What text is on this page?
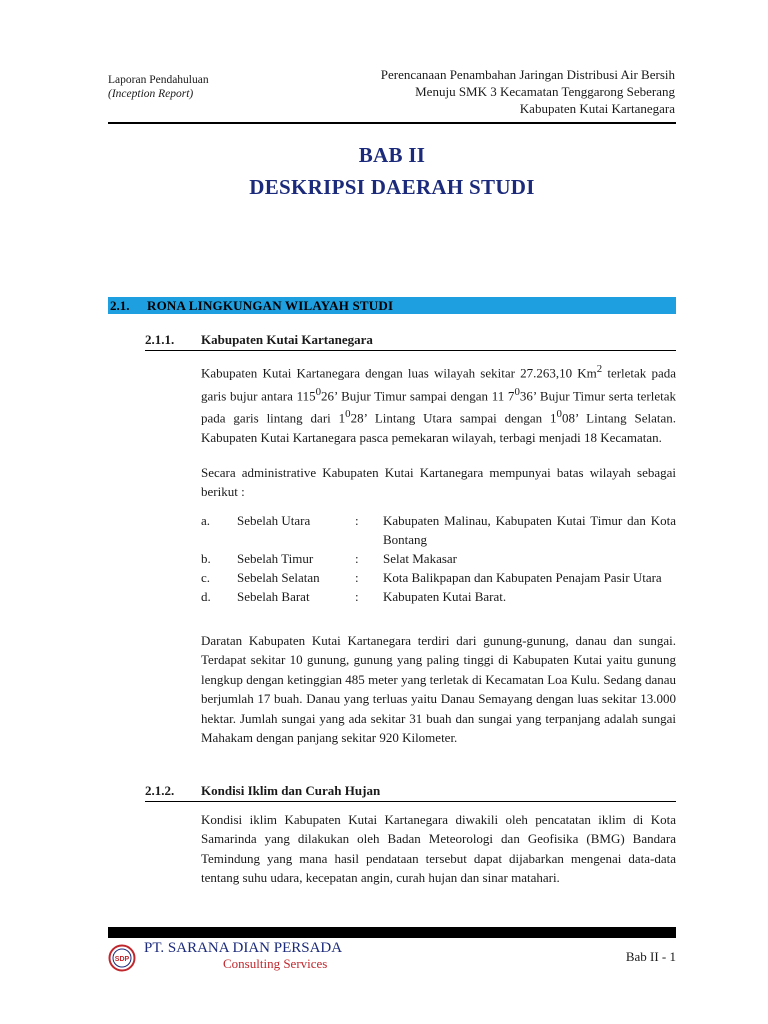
Laporan Pendahuluan
(Inception Report)
Perencanaan Penambahan Jaringan Distribusi Air Bersih
Menuju SMK 3 Kecamatan Tenggarong Seberang
Kabupaten Kutai Kartanegara
BAB II
DESKRIPSI DAERAH STUDI
2.1. RONA LINGKUNGAN WILAYAH STUDI
2.1.1. Kabupaten Kutai Kartanegara

Kabupaten Kutai Kartanegara dengan luas wilayah sekitar 27.263,10 Km$^2$ terletak pada garis bujur antara $115^026$’ Bujur Timur sampai dengan 11 $7^036$’ Bujur Timur serta terletak pada garis lintang dari $1^028$’ Lintang Utara sampai dengan $1^008$’ Lintang Selatan. Kabupaten Kutai Kartanegara pasca pemekaran wilayah, terbagi menjadi 18 Kecamatan.

Secara administrative Kabupaten Kutai Kartanegara mempunyai batas wilayah sebagai berikut :

a.	Sebelah Utara	:	Kabupaten Malinau, Kabupaten Kutai Timur dan Kota Bontang
b.	Sebelah Timur	:	Selat Makasar
c.	Sebelah Selatan	:	Kota Balikpapan dan Kabupaten Penajam Pasir Utara
d.	Sebelah Barat	:	Kabupaten Kutai Barat.

Daratan Kabupaten Kutai Kartanegara terdiri dari gunung-gunung, danau dan sungai. Terdapat sekitar 10 gunung, gunung yang paling tinggi di Kabupaten Kutai yaitu gunung lengkup dengan ketinggian 485 meter yang terletak di Kecamatan Loa Kulu. Sedang danau berjumlah 17 buah. Danau yang terluas yaitu Danau Semayang dengan luas sekitar 13.000 hektar. Jumlah sungai yang ada sekitar 31 buah dan sungai yang terpanjang adalah sungai Mahakam dengan panjang sekitar 920 Kilometer.

2.1.2. Kondisi Iklim dan Curah Hujan

Kondisi iklim Kabupaten Kutai Kartanegara diwakili oleh pencatatan iklim di Kota Samarinda yang dilakukan oleh Badan Meteorologi dan Geofisika (BMG) Bandara Temindung yang mana hasil pendataan tersebut dapat dijabarkan mengenai data-data tentang suhu udara, kecepatan angin, curah hujan dan sinar matahari.

SDP
PT. SARANA DIAN PERSADA
Consulting Services	Bab II - 1
